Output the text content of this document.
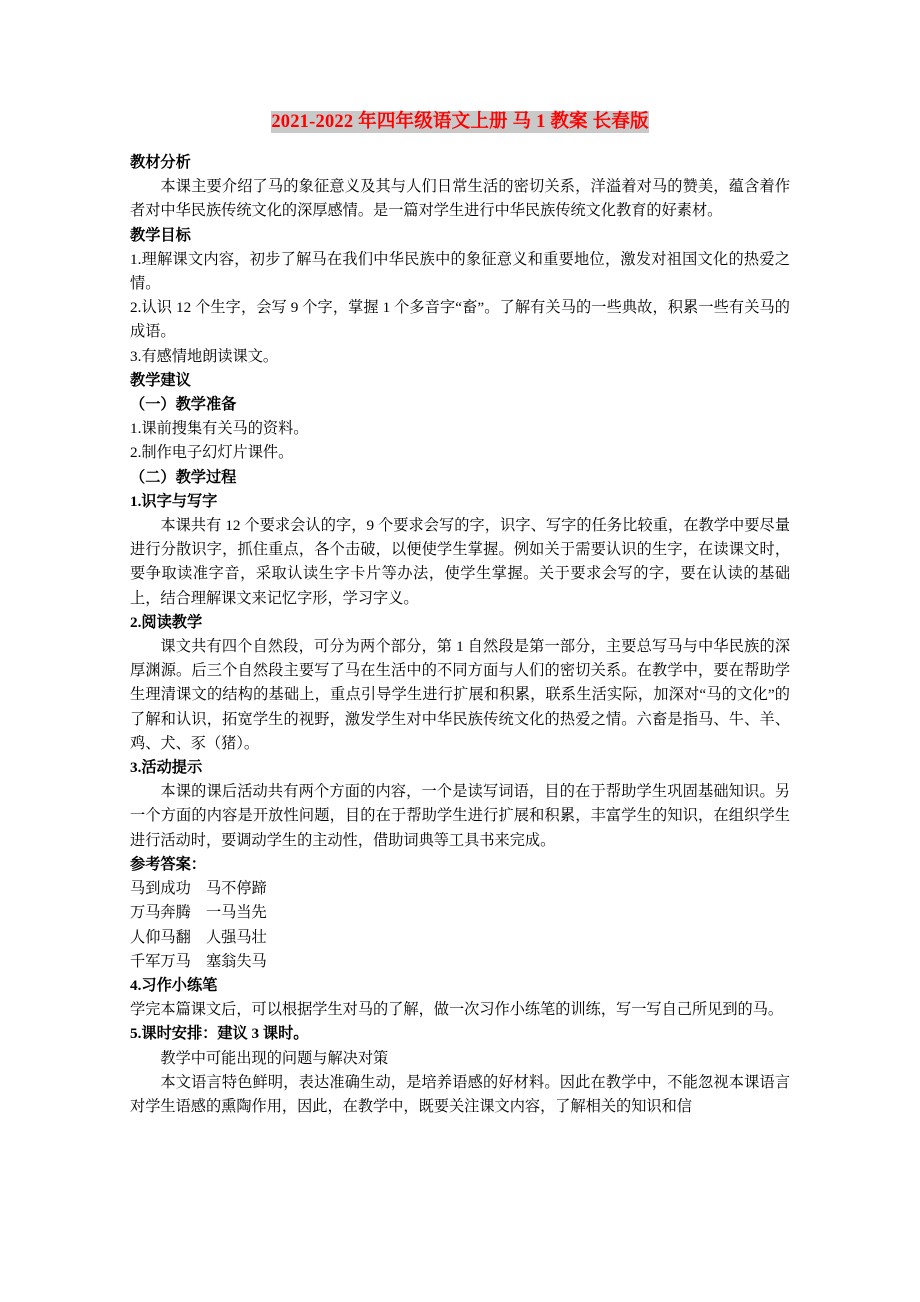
2021-2022 年四年级语文上册 马 1 教案 长春版

教材分析

本课主要介绍了马的象征意义及其与人们日常生活的密切关系，洋溢着对马的赞美，蕴含着作者对中华民族传统文化的深厚感情。是一篇对学生进行中华民族传统文化教育的好素材。

教学目标

1.理解课文内容，初步了解马在我们中华民族中的象征意义和重要地位，激发对祖国文化的热爱之情。

2.认识 12 个生字，会写 9 个字，掌握 1 个多音字“畜”。了解有关马的一些典故，积累一些有关马的成语。

3.有感情地朗读课文。

教学建议

（一）教学准备

1.课前搜集有关马的资料。

2.制作电子幻灯片课件。

（二）教学过程

1.识字与写字

本课共有 12 个要求会认的字，9 个要求会写的字，识字、写字的任务比较重，在教学中要尽量进行分散识字，抓住重点，各个击破，以便使学生掌握。例如关于需要认识的生字，在读课文时，要争取读准字音，采取认读生字卡片等办法，使学生掌握。关于要求会写的字，要在认读的基础上，结合理解课文来记忆字形，学习字义。

2.阅读教学

课文共有四个自然段，可分为两个部分，第 1 自然段是第一部分，主要总写马与中华民族的深厚渊源。后三个自然段主要写了马在生活中的不同方面与人们的密切关系。在教学中，要在帮助学生理清课文的结构的基础上，重点引导学生进行扩展和积累，联系生活实际，加深对“马的文化”的了解和认识，拓宽学生的视野，激发学生对中华民族传统文化的热爱之情。六畜是指马、牛、羊、鸡、犬、豕（猪）。

3.活动提示

本课的课后活动共有两个方面的内容，一个是读写词语，目的在于帮助学生巩固基础知识。另一个方面的内容是开放性问题，目的在于帮助学生进行扩展和积累，丰富学生的知识，在组织学生进行活动时，要调动学生的主动性，借助词典等工具书来完成。

参考答案：

马到成功　马不停蹄
万马奔腾　一马当先
人仰马翻　人强马壮
千军万马　塞翁失马

4.习作小练笔

学完本篇课文后，可以根据学生对马的了解，做一次习作小练笔的训练，写一写自己所见到的马。

5.课时安排：建议 3 课时。

教学中可能出现的问题与解决对策

本文语言特色鲜明，表达准确生动，是培养语感的好材料。因此在教学中，不能忽视本课语言对学生语感的熏陶作用，因此，在教学中，既要关注课文内容，了解相关的知识和信
